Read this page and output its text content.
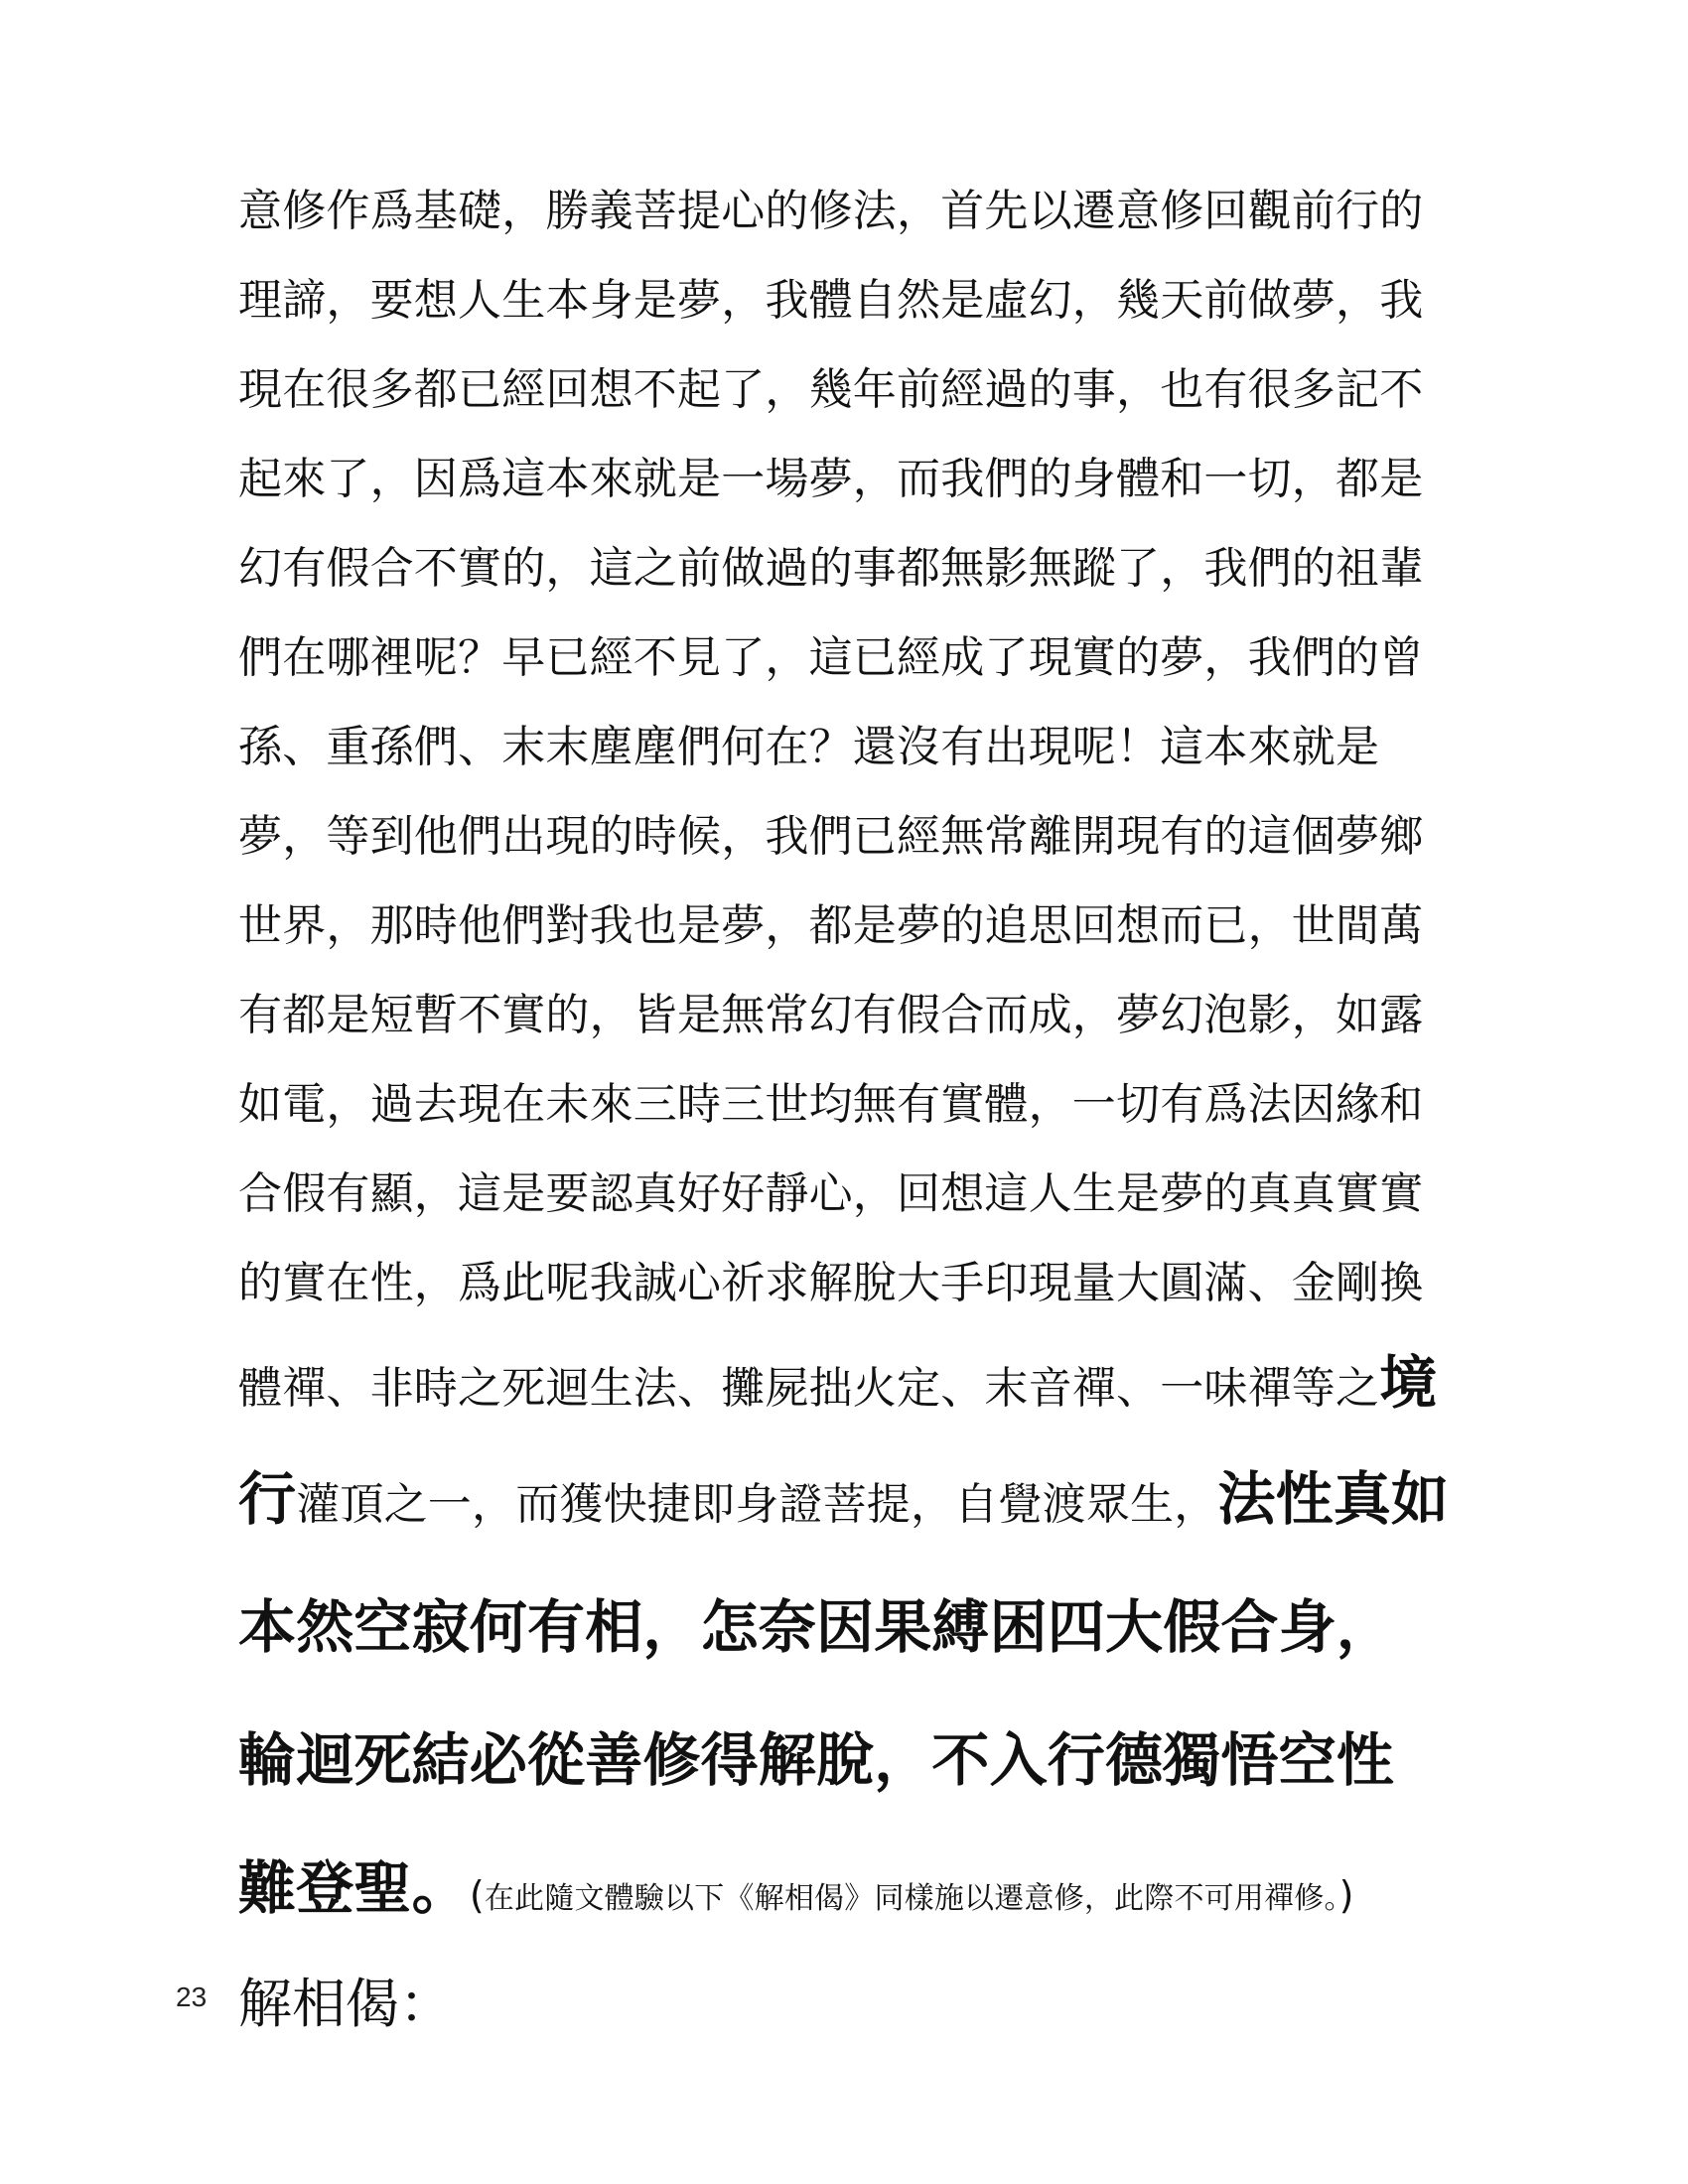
意修作爲基礎，勝義菩提心的修法，首先以遷意修回觀前行的
理諦，要想人生本身是夢，我體自然是虛幻，幾天前做夢，我
現在很多都已經回想不起了，幾年前經過的事，也有很多記不
起來了，因爲這本來就是一場夢，而我們的身體和一切，都是
幻有假合不實的，這之前做過的事都無影無蹤了，我們的祖輩
們在哪裡呢？早已經不見了，這已經成了現實的夢，我們的曾
孫、重孫們、末末塵塵們何在？還沒有出現呢！這本來就是
夢，等到他們出現的時候，我們已經無常離開現有的這個夢鄉
世界，那時他們對我也是夢，都是夢的追思回想而已，世間萬
有都是短暫不實的，皆是無常幻有假合而成，夢幻泡影，如露
如電，過去現在未來三時三世均無有實體，一切有爲法因緣和
合假有顯，這是要認真好好靜心，回想這人生是夢的真真實實
的實在性，爲此呢我誠心祈求解脫大手印現量大圓滿、金剛換
體禪、非時之死迴生法、攤屍拙火定、末音禪、一味禪等之境
行灌頂之一，而獲快捷即身證菩提，自覺渡眾生，法性真如
本然空寂何有相，怎奈因果縛困四大假合身，
輪迴死結必從善修得解脫，不入行德獨悟空性
難登聖。(在此隨文體驗以下《解相偈》同樣施以遷意修，此際不可用禪修。)
解相偈：
23
